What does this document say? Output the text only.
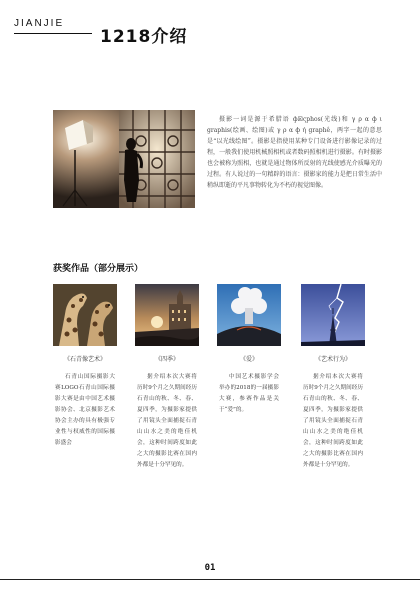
JIANJIE
1218介绍

摄影一词是源于希腊语 ф☒ςphos(光线)和 γ ρ α ф ι graphis(绘画、绘图)或 γ ρ α ф ή graphê，两字一起的意思是“以光线绘图”。摄影是指使用某种专门设备进行影像记录的过程，一般我们使用机械照相机或者数码照相机进行摄影。有时摄影也会被称为照相，也就是通过物体所反射的光线使感光介质曝光的过程。有人说过的一句精辟的语言：摄影家的能力是把日常生活中稍纵即逝的平凡事物转化为不朽的视觉图像。

获奖作品（部分展示）
《石青像艺术》
石青山国际摄影大赛LOGO石青山国际摄影大赛是由中国艺术摄影协会、北京摄影艺术协会主办的具有极强专业性与权威性的国际摄影盛会
《四季》
据介绍本次大赛将历时9个月之久期间经历石青山的秋、冬、春、夏四季，为摄影家提供了用镜头全面捕捉石青山山水之美的绝佳机会，这种时间跨度如此之大的摄影比赛在国内外都是十分罕见的。
《爱》
中国艺术摄影学会举办的2018的一届摄影大赛，参赛作品是关于“爱”的。
《艺术行为》
据介绍本次大赛将历时9个月之久期间经历石青山的秋、冬、春、夏四季，为摄影家提供了用镜头全面捕捉石青山山水之美的绝佳机会，这种时间跨度如此之大的摄影比赛在国内外都是十分罕见的。
01
